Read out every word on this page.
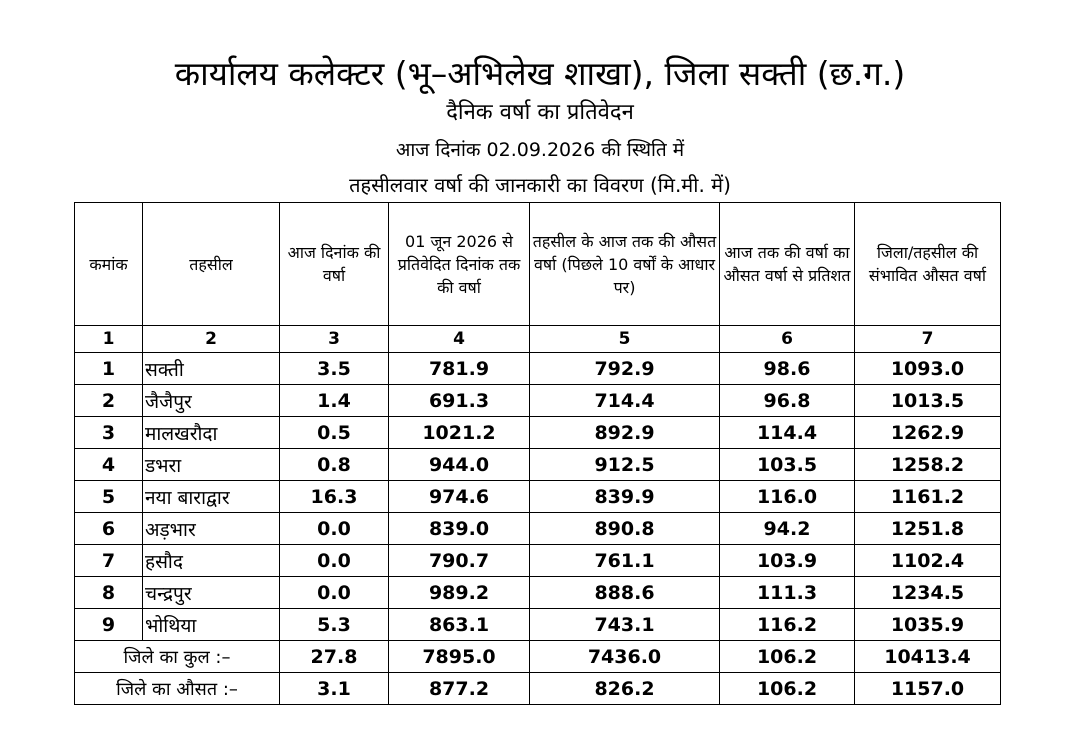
कार्यालय कलेक्टर (भू–अभिलेख शाखा), जिला सक्ती (छ.ग.)
दैनिक वर्षा का प्रतिवेदन
आज दिनांक 02.09.2026 की स्थिति में
तहसीलवार वर्षा की जानकारी का विवरण (मि.मी. में)
कमांक	तहसील	आज दिनांक की वर्षा	01 जून 2026 से प्रतिवेदित दिनांक तक की वर्षा	तहसील के आज तक की औसत वर्षा (पिछले 10 वर्षों के आधार पर)	आज तक की वर्षा का औसत वर्षा से प्रतिशत	जिला/तहसील की संभावित औसत वर्षा
1	2	3	4	5	6	7
1	सक्ती	3.5	781.9	792.9	98.6	1093.0
2	जैजैपुर	1.4	691.3	714.4	96.8	1013.5
3	मालखरौदा	0.5	1021.2	892.9	114.4	1262.9
4	डभरा	0.8	944.0	912.5	103.5	1258.2
5	नया बाराद्वार	16.3	974.6	839.9	116.0	1161.2
6	अड़भार	0.0	839.0	890.8	94.2	1251.8
7	हसौद	0.0	790.7	761.1	103.9	1102.4
8	चन्द्रपुर	0.0	989.2	888.6	111.3	1234.5
9	भोथिया	5.3	863.1	743.1	116.2	1035.9
जिले का कुल :–		27.8	7895.0	7436.0	106.2	10413.4
जिले का औसत :–		3.1	877.2	826.2	106.2	1157.0
